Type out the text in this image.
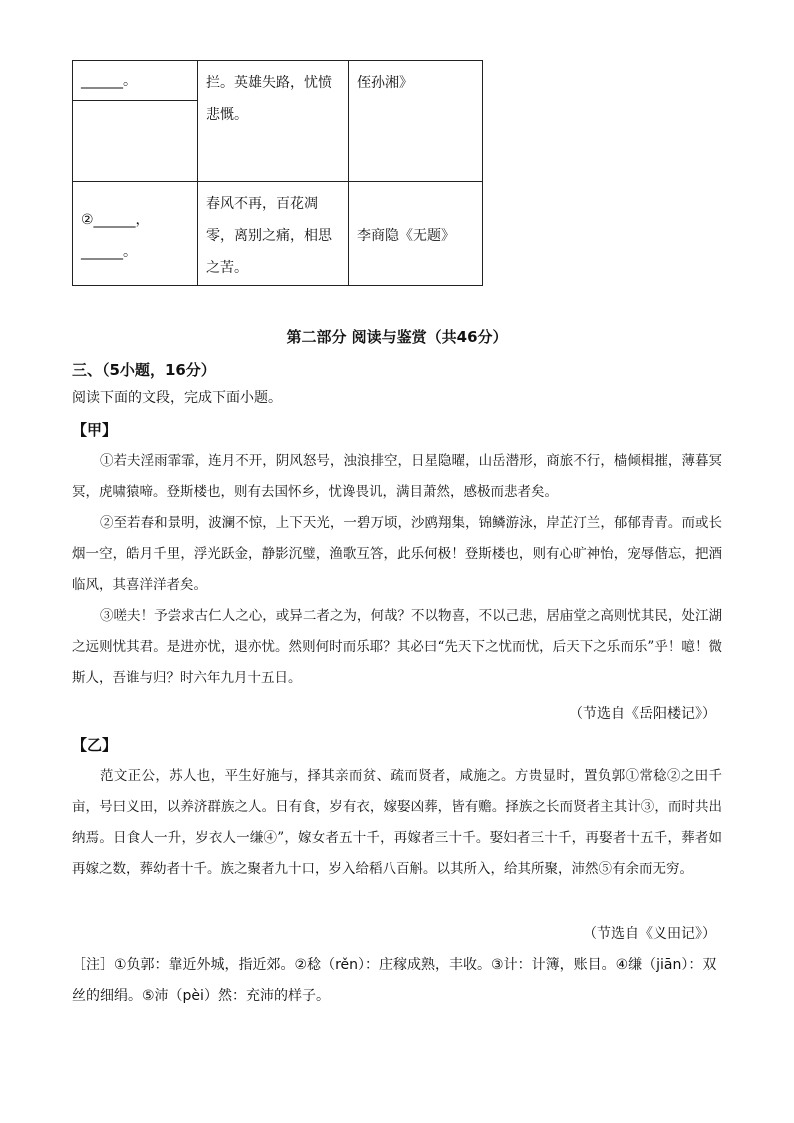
______。	拦。英雄失路，忧愤悲慨。	侄孙湘》

②______，
______。	春风不再，百花凋零，离别之痛，相思之苦。	李商隐《无题》
第二部分 阅读与鉴赏（共46分）
三、（5小题，16分）
阅读下面的文段，完成下面小题。
【甲】
①若夫淫雨霏霏，连月不开，阴风怒号，浊浪排空，日星隐曜，山岳潜形，商旅不行，樯倾楫摧，薄暮冥冥，虎啸猿啼。登斯楼也，则有去国怀乡，忧谗畏讥，满目萧然，感极而悲者矣。
②至若春和景明，波澜不惊，上下天光，一碧万顷，沙鸥翔集，锦鳞游泳，岸芷汀兰，郁郁青青。而或长烟一空，皓月千里，浮光跃金，静影沉璧，渔歌互答，此乐何极！登斯楼也，则有心旷神怡，宠辱偕忘，把酒临风，其喜洋洋者矣。
③嗟夫！予尝求古仁人之心，或异二者之为，何哉？不以物喜，不以己悲，居庙堂之高则忧其民，处江湖之远则忧其君。是进亦忧，退亦忧。然则何时而乐耶？其必曰“先天下之忧而忧，后天下之乐而乐”乎！噫！微斯人，吾谁与归？时六年九月十五日。
（节选自《岳阳楼记》）
【乙】
范文正公，苏人也，平生好施与，择其亲而贫、疏而贤者，咸施之。方贵显时，置负郭①常稔②之田千亩，号曰义田，以养济群族之人。日有食，岁有衣，嫁娶凶葬，皆有赡。择族之长而贤者主其计③，而时共出纳焉。日食人一升，岁衣人一缣④”，嫁女者五十千，再嫁者三十千。娶妇者三十千，再娶者十五千，葬者如再嫁之数，葬幼者十千。族之聚者九十口，岁入给稻八百斛。以其所入，给其所聚，沛然⑤有余而无穷。
（节选自《义田记》）
［注］①负郭：靠近外城，指近郊。②稔（rěn）：庄稼成熟，丰收。③计：计簿，账目。④缣（jiān）：双丝的细绢。⑤沛（pèi）然：充沛的样子。
